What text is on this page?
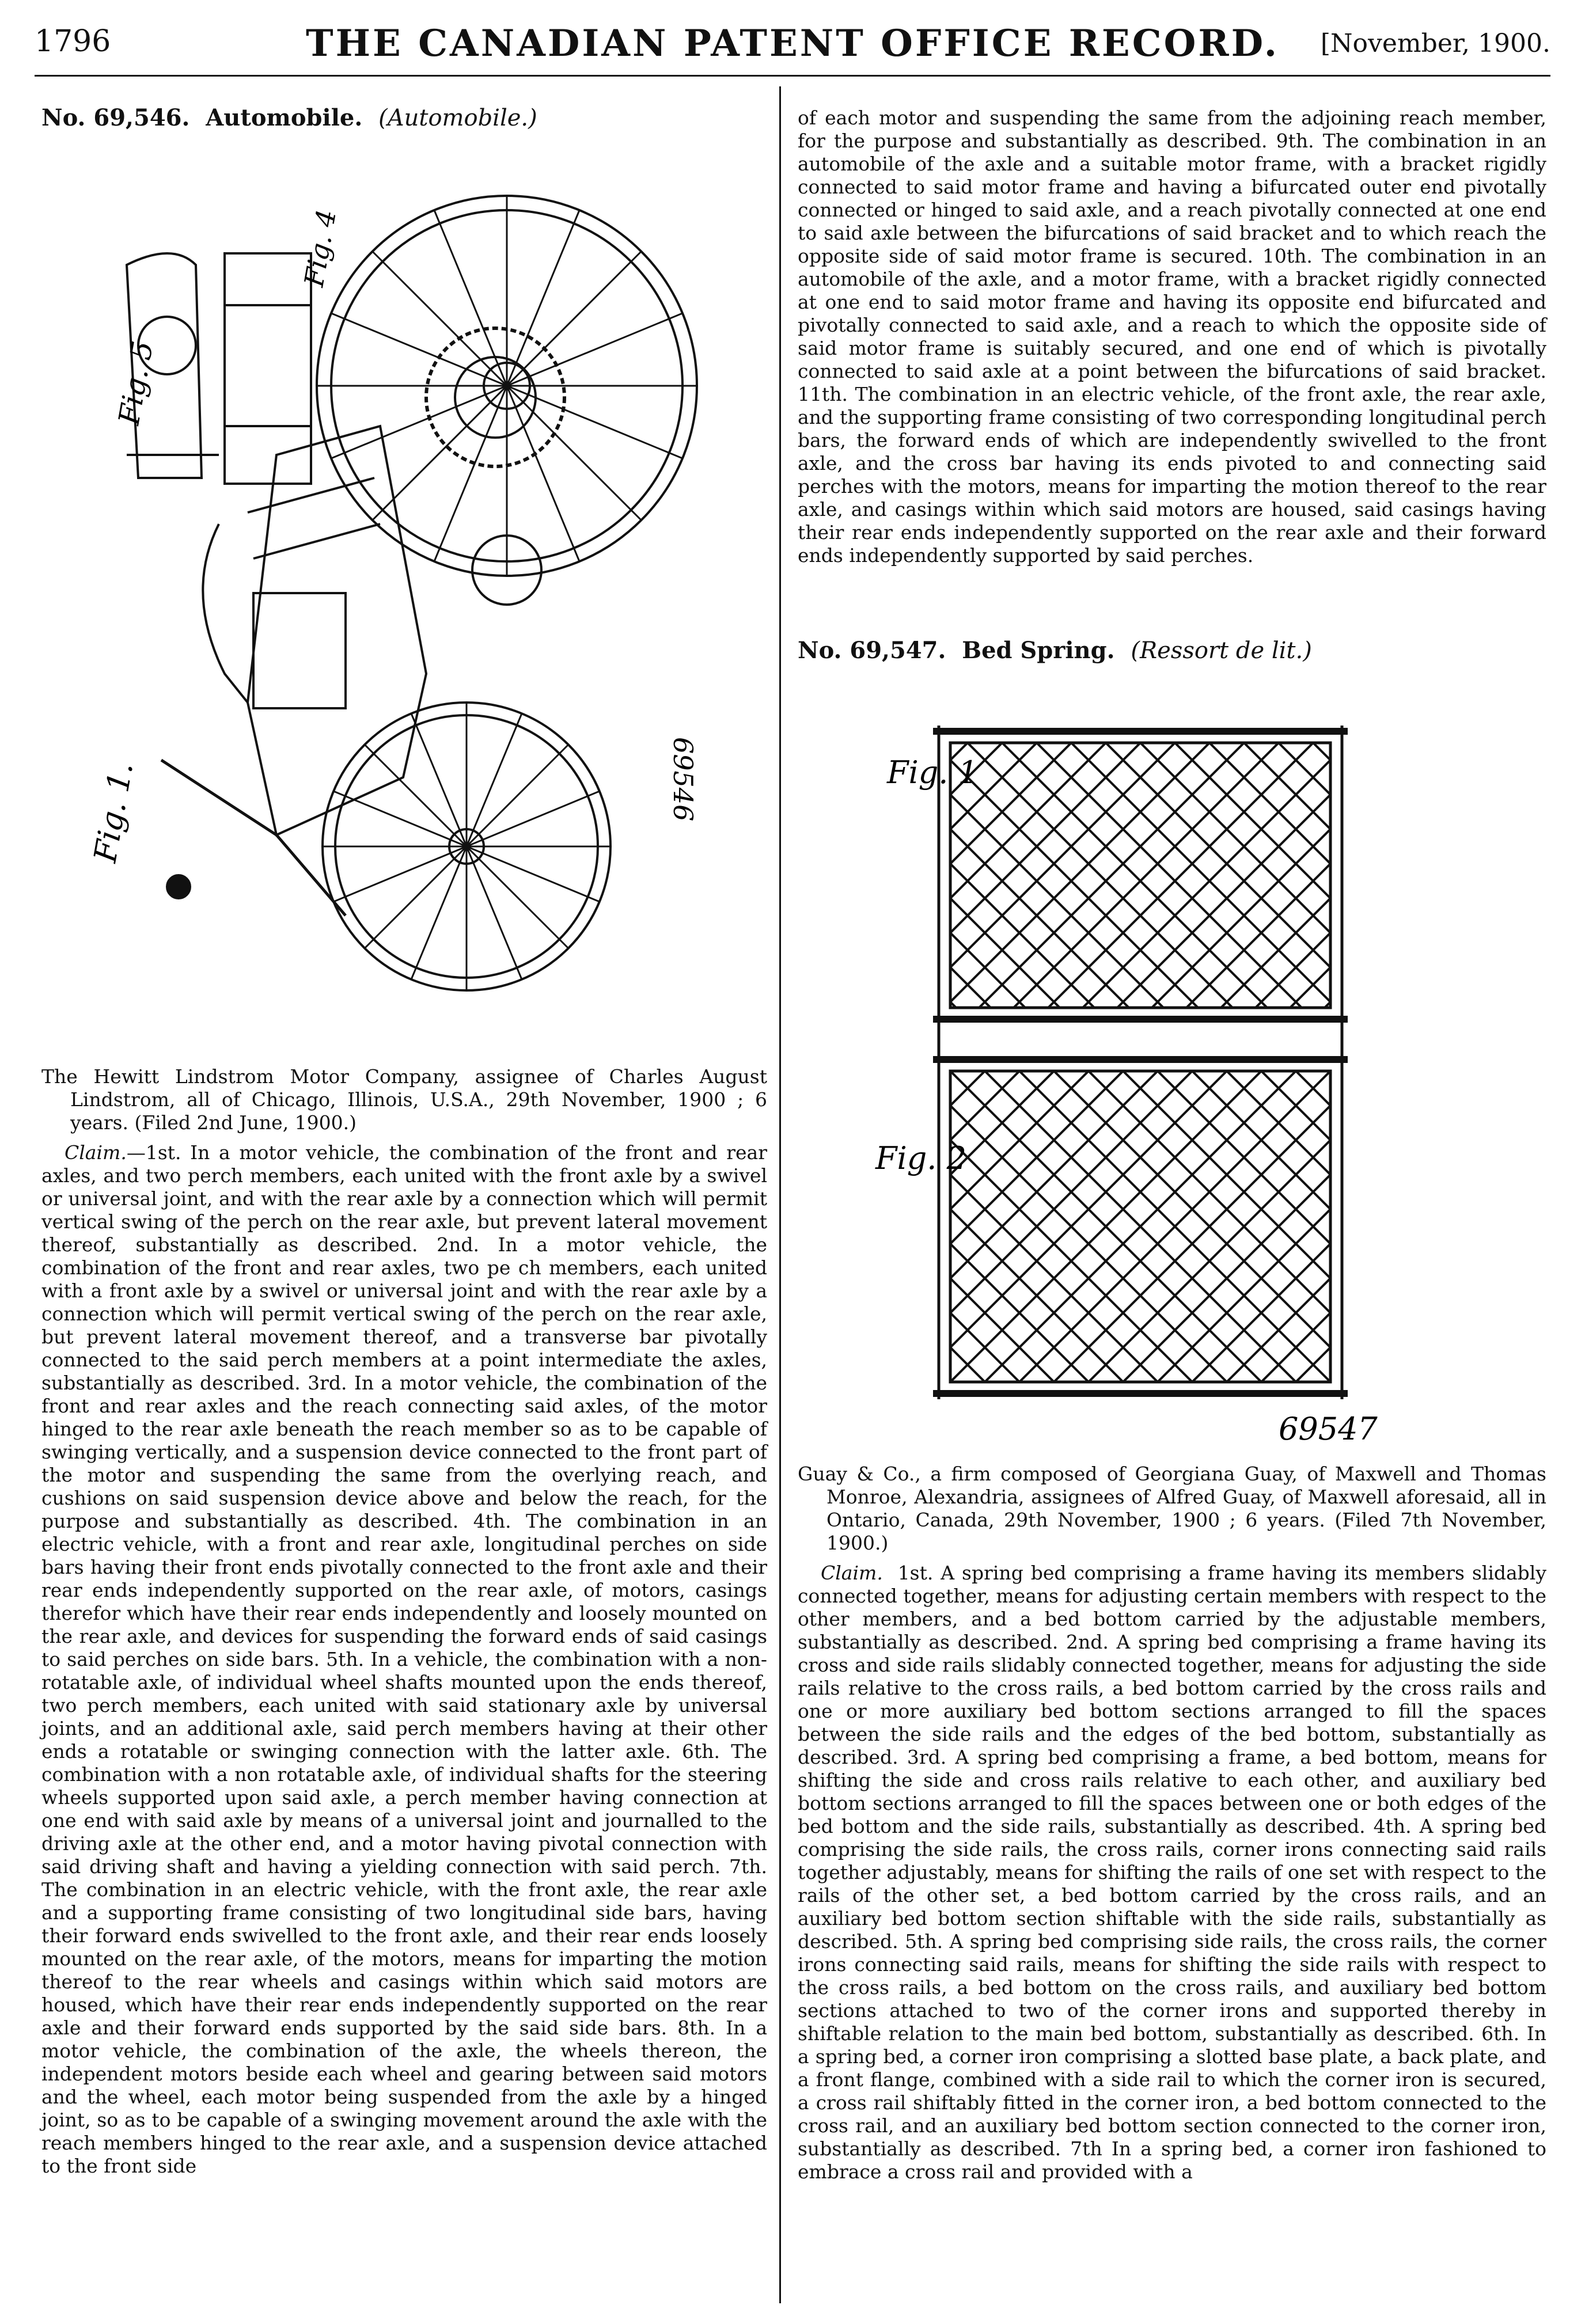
1796	THE CANADIAN PATENT OFFICE RECORD.	[November, 1900.
No. 69,546. Automobile. (Automobile.)
Fig. 1.
Fig. 5
Fig. 4
69546

The Hewitt Lindstrom Motor Company, assignee of Charles August Lindstrom, all of Chicago, Illinois, U.S.A., 29th November, 1900 ; 6 years. (Filed 2nd June, 1900.)

Claim.—1st. In a motor vehicle, the combination of the front and rear axles, and two perch members, each united with the front axle by a swivel or universal joint, and with the rear axle by a connection which will permit vertical swing of the perch on the rear axle, but prevent lateral movement thereof, substantially as described. 2nd. In a motor vehicle, the combination of the front and rear axles, two pe ch members, each united with a front axle by a swivel or universal joint and with the rear axle by a connection which will permit vertical swing of the perch on the rear axle, but prevent lateral movement thereof, and a transverse bar pivotally connected to the said perch members at a point intermediate the axles, substantially as described. 3rd. In a motor vehicle, the combination of the front and rear axles and the reach connecting said axles, of the motor hinged to the rear axle beneath the reach member so as to be capable of swinging vertically, and a suspension device connected to the front part of the motor and suspending the same from the overlying reach, and cushions on said suspension device above and below the reach, for the purpose and substantially as described. 4th. The combination in an electric vehicle, with a front and rear axle, longitudinal perches on side bars having their front ends pivotally connected to the front axle and their rear ends independently supported on the rear axle, of motors, casings therefor which have their rear ends independently and loosely mounted on the rear axle, and devices for suspending the forward ends of said casings to said perches on side bars. 5th. In a vehicle, the combination with a non-rotatable axle, of individual wheel shafts mounted upon the ends thereof, two perch members, each united with said stationary axle by universal joints, and an additional axle, said perch members having at their other ends a rotatable or swinging connection with the latter axle. 6th. The combination with a non rotatable axle, of individual shafts for the steering wheels supported upon said axle, a perch member having connection at one end with said axle by means of a universal joint and journalled to the driving axle at the other end, and a motor having pivotal connection with said driving shaft and having a yielding connection with said perch. 7th. The combination in an electric vehicle, with the front axle, the rear axle and a supporting frame consisting of two longitudinal side bars, having their forward ends swivelled to the front axle, and their rear ends loosely mounted on the rear axle, of the motors, means for imparting the motion thereof to the rear wheels and casings within which said motors are housed, which have their rear ends independently supported on the rear axle and their forward ends supported by the said side bars. 8th. In a motor vehicle, the combination of the axle, the wheels thereon, the independent motors beside each wheel and gearing between said motors and the wheel, each motor being suspended from the axle by a hinged joint, so as to be capable of a swinging movement around the axle with the reach members hinged to the rear axle, and a suspension device attached to the front side

of each motor and suspending the same from the adjoining reach member, for the purpose and substantially as described. 9th. The combination in an automobile of the axle and a suitable motor frame, with a bracket rigidly connected to said motor frame and having a bifurcated outer end pivotally connected or hinged to said axle, and a reach pivotally connected at one end to said axle between the bifurcations of said bracket and to which reach the opposite side of said motor frame is secured. 10th. The combination in an automobile of the axle, and a motor frame, with a bracket rigidly connected at one end to said motor frame and having its opposite end bifurcated and pivotally connected to said axle, and a reach to which the opposite side of said motor frame is suitably secured, and one end of which is pivotally connected to said axle at a point between the bifurcations of said bracket. 11th. The combination in an electric vehicle, of the front axle, the rear axle, and the supporting frame consisting of two corresponding longitudinal perch bars, the forward ends of which are independently swivelled to the front axle, and the cross bar having its ends pivoted to and connecting said perches with the motors, means for imparting the motion thereof to the rear axle, and casings within which said motors are housed, said casings having their rear ends independently supported on the rear axle and their forward ends independently supported by said perches.

No. 69,547. Bed Spring. (Ressort de lit.)
Fig. 1
Fig. 2
69547

Guay & Co., a firm composed of Georgiana Guay, of Maxwell and Thomas Monroe, Alexandria, assignees of Alfred Guay, of Maxwell aforesaid, all in Ontario, Canada, 29th November, 1900 ; 6 years. (Filed 7th November, 1900.)

Claim. 1st. A spring bed comprising a frame having its members slidably connected together, means for adjusting certain members with respect to the other members, and a bed bottom carried by the adjustable members, substantially as described. 2nd. A spring bed comprising a frame having its cross and side rails slidably connected together, means for adjusting the side rails relative to the cross rails, a bed bottom carried by the cross rails and one or more auxiliary bed bottom sections arranged to fill the spaces between the side rails and the edges of the bed bottom, substantially as described. 3rd. A spring bed comprising a frame, a bed bottom, means for shifting the side and cross rails relative to each other, and auxiliary bed bottom sections arranged to fill the spaces between one or both edges of the bed bottom and the side rails, substantially as described. 4th. A spring bed comprising the side rails, the cross rails, corner irons connecting said rails together adjustably, means for shifting the rails of one set with respect to the rails of the other set, a bed bottom carried by the cross rails, and an auxiliary bed bottom section shiftable with the side rails, substantially as described. 5th. A spring bed comprising side rails, the cross rails, the corner irons connecting said rails, means for shifting the side rails with respect to the cross rails, a bed bottom on the cross rails, and auxiliary bed bottom sections attached to two of the corner irons and supported thereby in shiftable relation to the main bed bottom, substantially as described. 6th. In a spring bed, a corner iron comprising a slotted base plate, a back plate, and a front flange, combined with a side rail to which the corner iron is secured, a cross rail shiftably fitted in the corner iron, a bed bottom connected to the cross rail, and an auxiliary bed bottom section connected to the corner iron, substantially as described. 7th In a spring bed, a corner iron fashioned to embrace a cross rail and provided with a
